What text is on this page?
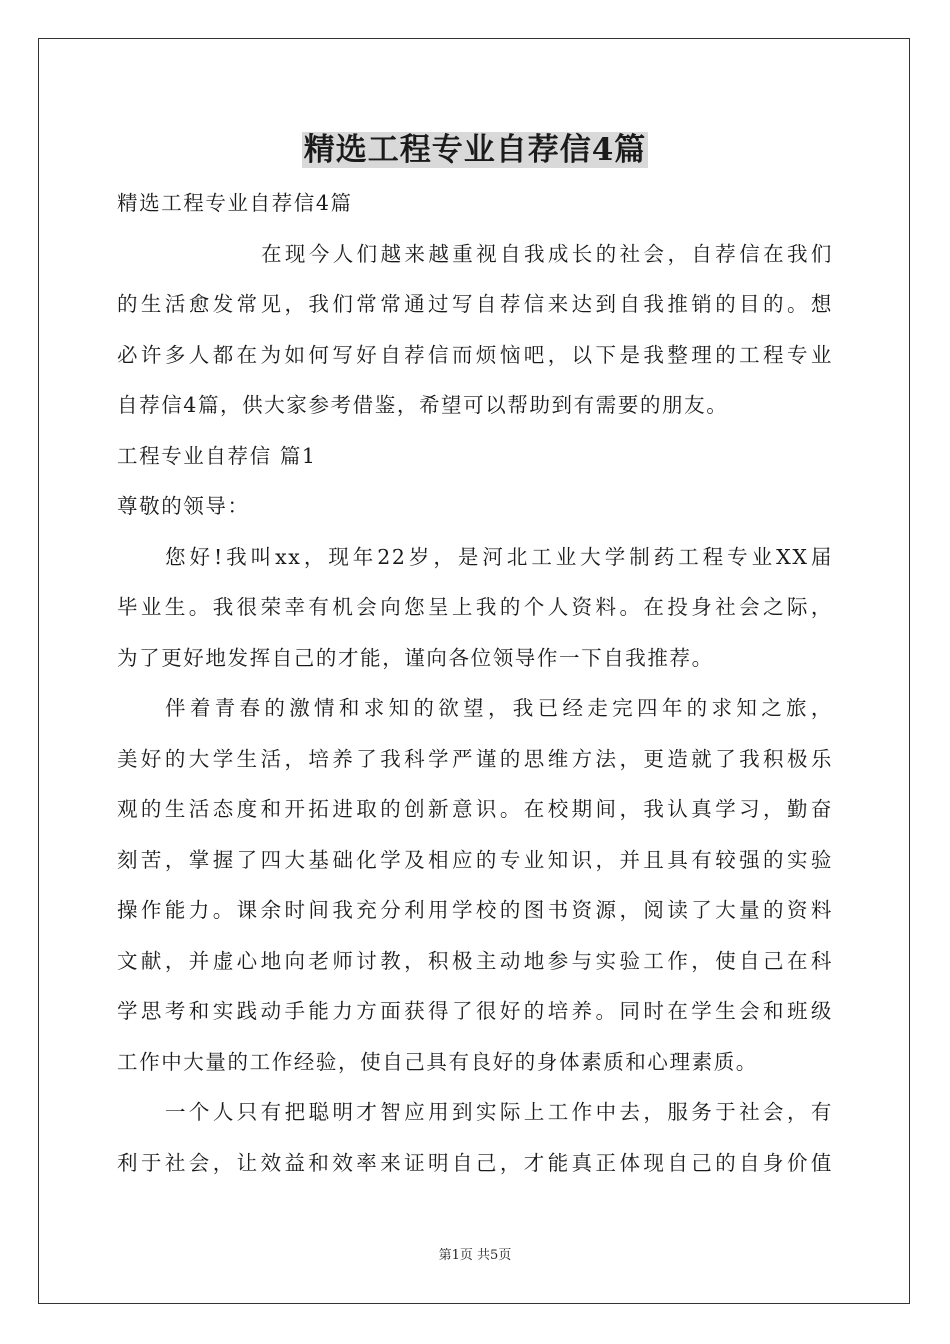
精选工程专业自荐信4篇
精选工程专业自荐信4篇
在现今人们越来越重视自我成长的社会，自荐信在我们
的生活愈发常见，我们常常通过写自荐信来达到自我推销的目的。想
必许多人都在为如何写好自荐信而烦恼吧，以下是我整理的工程专业
自荐信4篇，供大家参考借鉴，希望可以帮助到有需要的朋友。
工程专业自荐信 篇1
尊敬的领导：
您好!我叫xx，现年22岁，是河北工业大学制药工程专业XX届
毕业生。我很荣幸有机会向您呈上我的个人资料。在投身社会之际，
为了更好地发挥自己的才能，谨向各位领导作一下自我推荐。
伴着青春的激情和求知的欲望，我已经走完四年的求知之旅，
美好的大学生活，培养了我科学严谨的思维方法，更造就了我积极乐
观的生活态度和开拓进取的创新意识。在校期间，我认真学习，勤奋
刻苦，掌握了四大基础化学及相应的专业知识，并且具有较强的实验
操作能力。课余时间我充分利用学校的图书资源，阅读了大量的资料
文献，并虚心地向老师讨教，积极主动地参与实验工作，使自己在科
学思考和实践动手能力方面获得了很好的培养。同时在学生会和班级
工作中大量的工作经验，使自己具有良好的身体素质和心理素质。
一个人只有把聪明才智应用到实际上工作中去，服务于社会，有
利于社会，让效益和效率来证明自己，才能真正体现自己的自身价值
第1页 共5页
